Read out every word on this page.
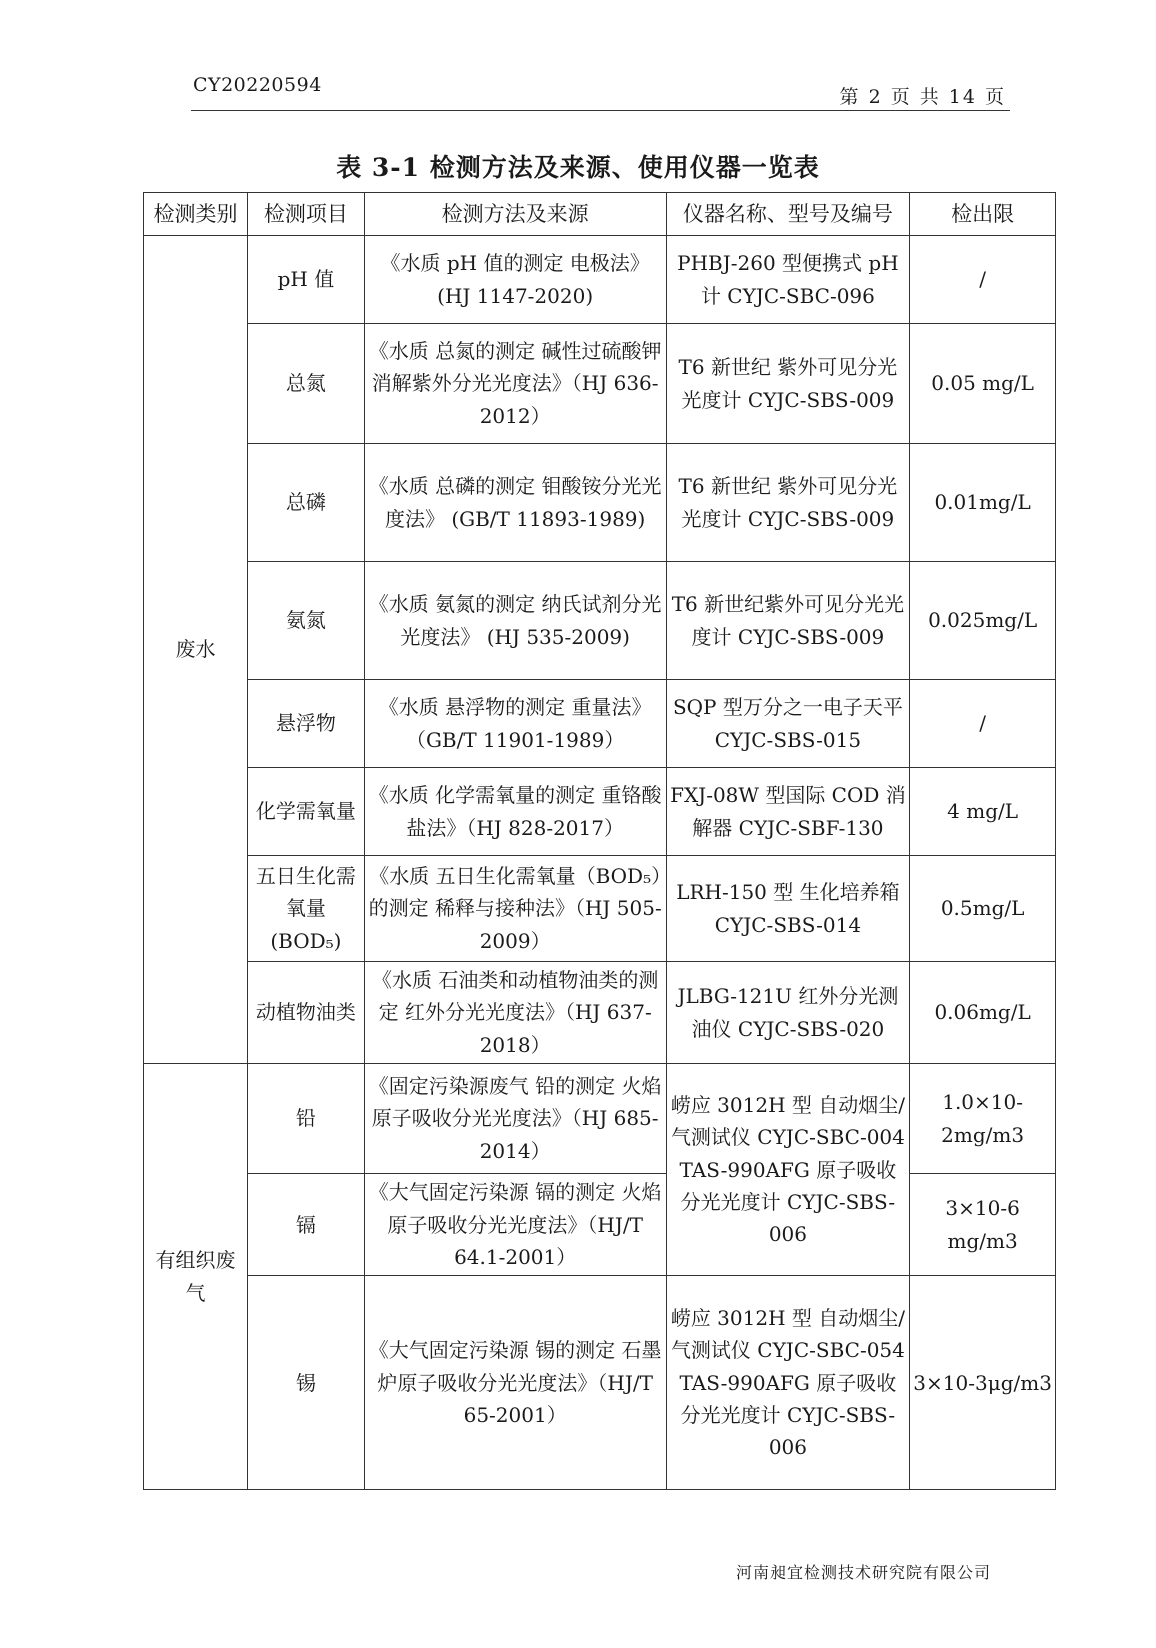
CY20220594
第 2 页 共 14 页
表 3-1 检测方法及来源、使用仪器一览表
检测类别	检测项目	检测方法及来源	仪器名称、型号及编号	检出限
废水	pH 值	《水质 pH 值的测定 电极法》(HJ 1147-2020)	PHBJ-260 型便携式 pH 计 CYJC-SBC-096	/
	总氮	《水质 总氮的测定 碱性过硫酸钾消解紫外分光光度法》（HJ 636-2012）	T6 新世纪 紫外可见分光光度计 CYJC-SBS-009	0.05 mg/L
	总磷	《水质 总磷的测定 钼酸铵分光光度法》 (GB/T 11893-1989)	T6 新世纪 紫外可见分光光度计 CYJC-SBS-009	0.01mg/L
	氨氮	《水质 氨氮的测定 纳氏试剂分光光度法》 (HJ 535-2009)	T6 新世纪紫外可见分光光度计 CYJC-SBS-009	0.025mg/L
	悬浮物	《水质 悬浮物的测定 重量法》（GB/T 11901-1989）	SQP 型万分之一电子天平 CYJC-SBS-015	/
	化学需氧量	《水质 化学需氧量的测定 重铬酸盐法》（HJ 828-2017）	FXJ-08W 型国际 COD 消解器 CYJC-SBF-130	4 mg/L
	五日生化需氧量(BOD₅)	《水质 五日生化需氧量（BOD₅）的测定 稀释与接种法》（HJ 505-2009）	LRH-150 型 生化培养箱 CYJC-SBS-014	0.5mg/L
	动植物油类	《水质 石油类和动植物油类的测定 红外分光光度法》（HJ 637-2018）	JLBG-121U 红外分光测油仪 CYJC-SBS-020	0.06mg/L
有组织废气	铅	《固定污染源废气 铅的测定 火焰原子吸收分光光度法》（HJ 685-2014）	崂应 3012H 型 自动烟尘/气测试仪 CYJC-SBC-004 TAS-990AFG 原子吸收分光光度计 CYJC-SBS-006	1.0×10-2mg/m3
	镉	《大气固定污染源 镉的测定 火焰原子吸收分光光度法》（HJ/T 64.1-2001）		3×10-6 mg/m3
	锡	《大气固定污染源 锡的测定 石墨炉原子吸收分光光度法》（HJ/T 65-2001）	崂应 3012H 型 自动烟尘/气测试仪 CYJC-SBC-054 TAS-990AFG 原子吸收分光光度计 CYJC-SBS-006	3×10-3μg/m3
河南昶宜检测技术研究院有限公司
